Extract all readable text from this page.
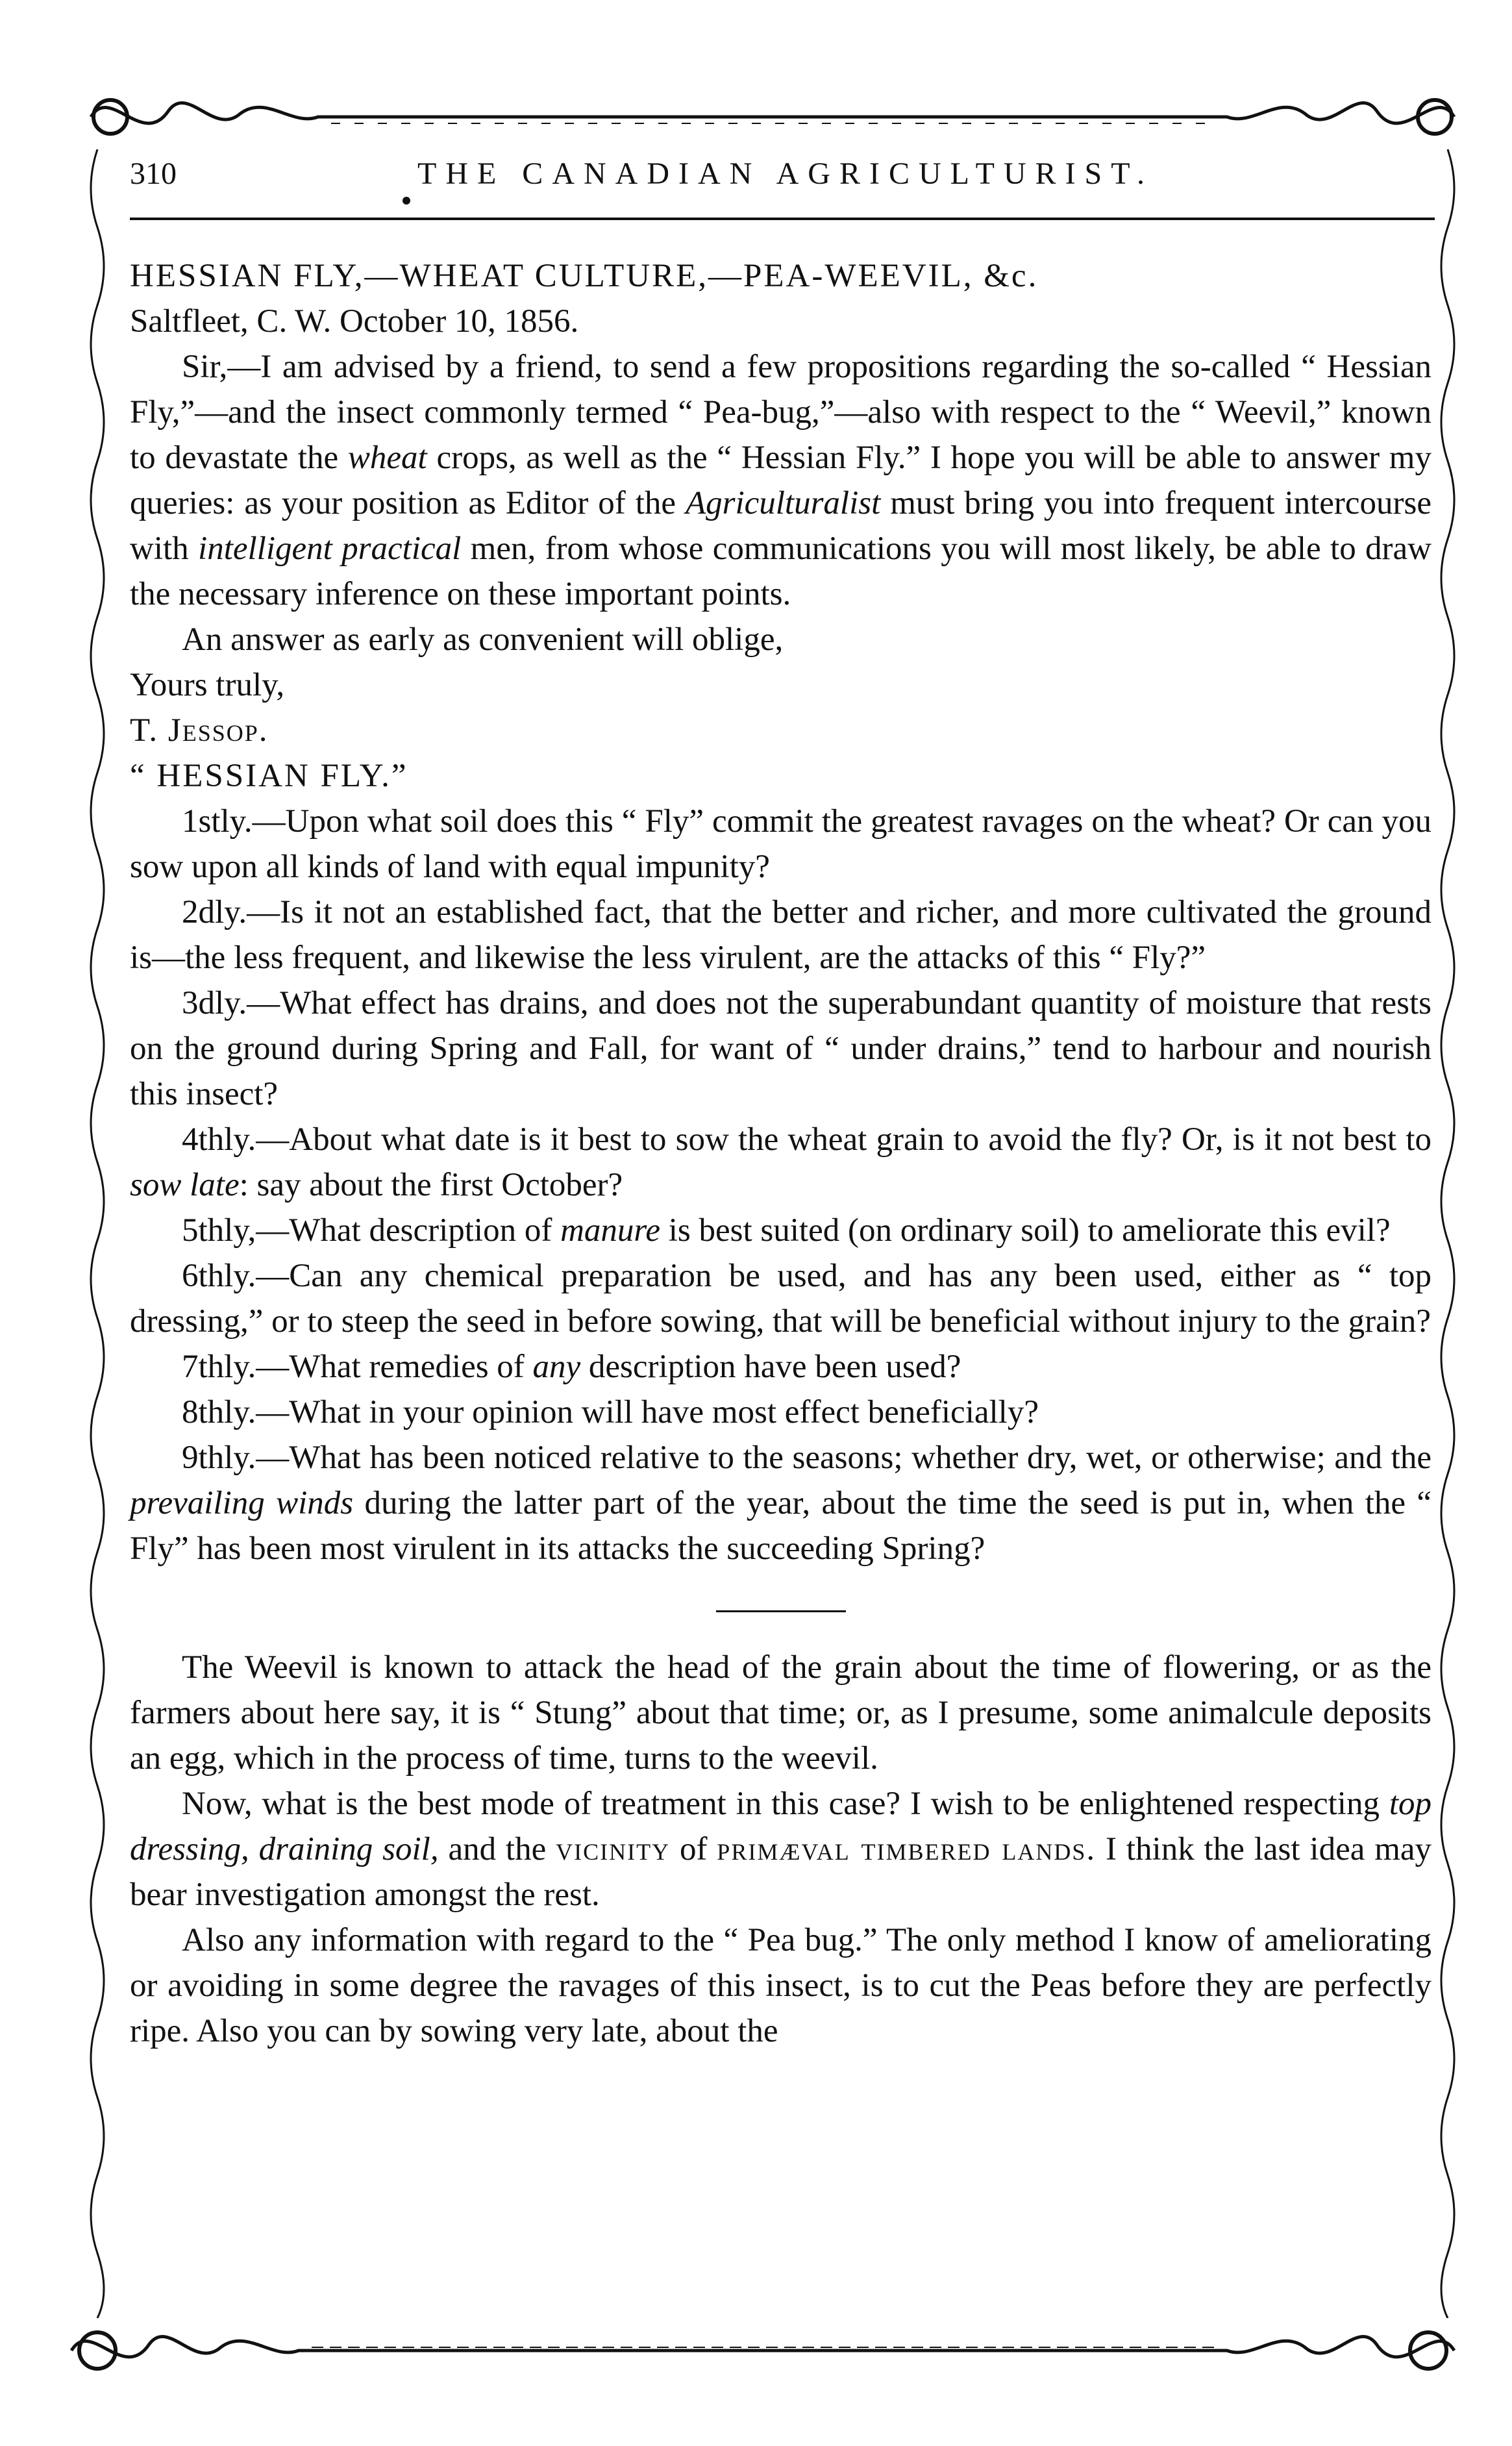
310	THE CANADIAN AGRICULTURIST.

HESSIAN FLY,—WHEAT CULTURE,—PEA-WEEVIL, &c.

Saltfleet, C. W. October 10, 1856.

Sir,—I am advised by a friend, to send a few propositions regarding the so-called “ Hessian Fly,”—and the insect commonly termed “ Pea-bug,”—also with respect to the “ Weevil,” known to devastate the wheat crops, as well as the “ Hessian Fly.” I hope you will be able to answer my queries: as your position as Editor of the Agriculturalist must bring you into frequent intercourse with intelligent practical men, from whose communications you will most likely, be able to draw the necessary inference on these important points.

An answer as early as convenient will oblige,

Yours truly,

T. Jessop.

“ HESSIAN FLY.”

1stly.—Upon what soil does this “ Fly” commit the greatest ravages on the wheat? Or can you sow upon all kinds of land with equal impunity?

2dly.—Is it not an established fact, that the better and richer, and more cultivated the ground is—the less frequent, and likewise the less virulent, are the attacks of this “ Fly?”

3dly.—What effect has drains, and does not the superabundant quantity of moisture that rests on the ground during Spring and Fall, for want of “ under drains,” tend to harbour and nourish this insect?

4thly.—About what date is it best to sow the wheat grain to avoid the fly? Or, is it not best to sow late: say about the first October?

5thly,—What description of manure is best suited (on ordinary soil) to ameliorate this evil?

6thly.—Can any chemical preparation be used, and has any been used, either as “ top dressing,” or to steep the seed in before sowing, that will be beneficial without injury to the grain?

7thly.—What remedies of any description have been used?

8thly.—What in your opinion will have most effect beneficially?

9thly.—What has been noticed relative to the seasons; whether dry, wet, or otherwise; and the prevailing winds during the latter part of the year, about the time the seed is put in, when the “ Fly” has been most virulent in its attacks the succeeding Spring?

The Weevil is known to attack the head of the grain about the time of flowering, or as the farmers about here say, it is “ Stung” about that time; or, as I presume, some animalcule deposits an egg, which in the process of time, turns to the weevil.

Now, what is the best mode of treatment in this case? I wish to be enlightened respecting top dressing, draining soil, and the vicinity of primæval timbered lands. I think the last idea may bear investigation amongst the rest.

Also any information with regard to the “ Pea bug.” The only method I know of ameliorating or avoiding in some degree the ravages of this insect, is to cut the Peas before they are perfectly ripe. Also you can by sowing very late, about the
